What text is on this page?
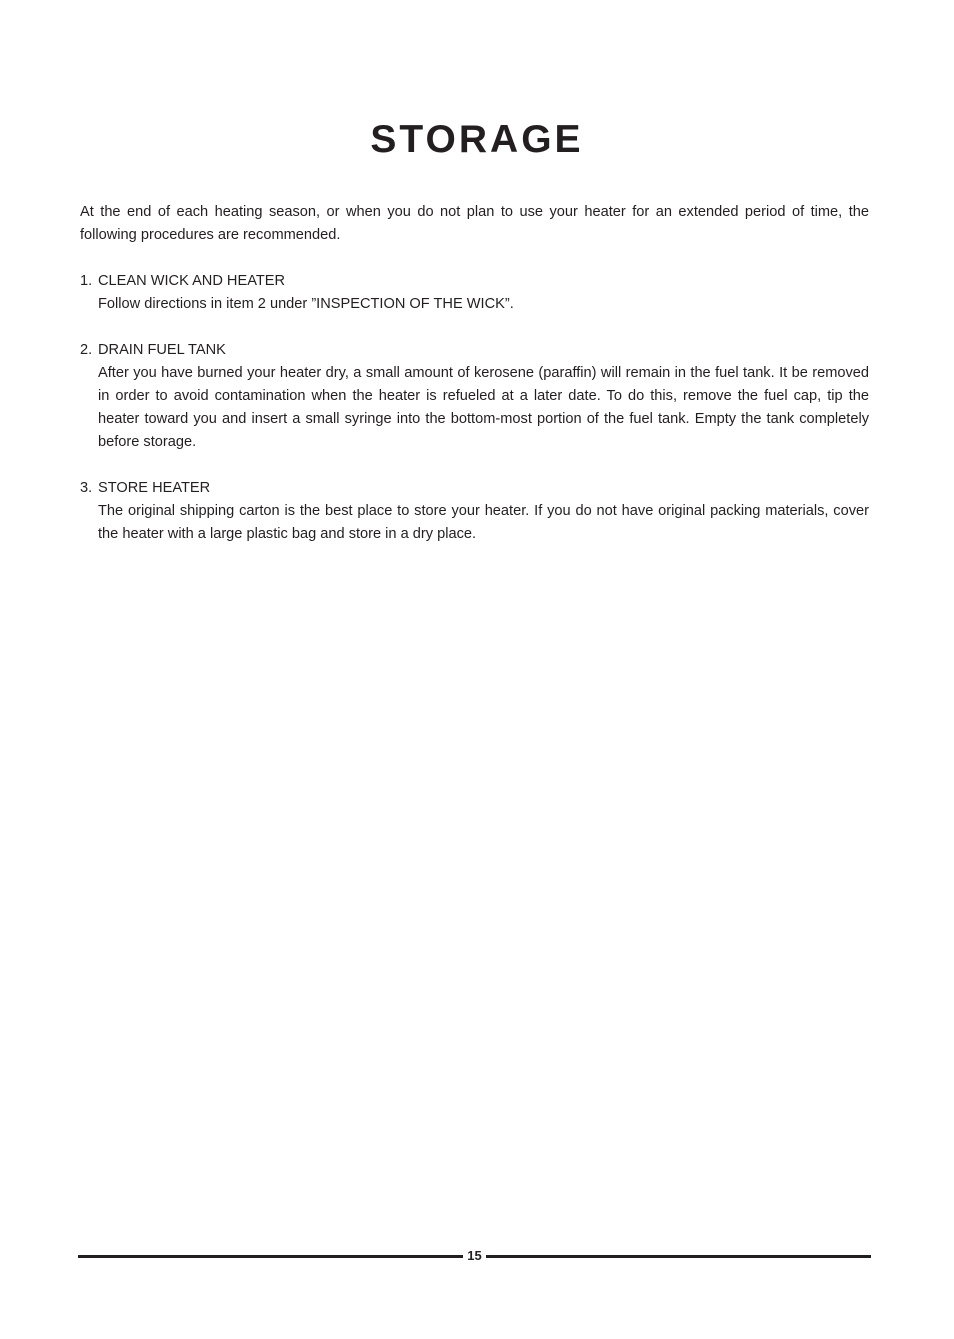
STORAGE

At the end of each heating season, or when you do not plan to use your heater for an extended period of time, the following procedures are recommended.

1. CLEAN WICK AND HEATER
Follow directions in item 2 under ”INSPECTION OF THE WICK”.
2. DRAIN FUEL TANK
After you have burned your heater dry, a small amount of kerosene (paraffin) will remain in the fuel tank. It be removed in order to avoid contamination when the heater is refueled at a later date. To do this, remove the fuel cap, tip the heater toward you and insert a small syringe into the bottom-most portion of the fuel tank. Empty the tank completely before storage.
3. STORE HEATER
The original shipping carton is the best place to store your heater. If you do not have original packing materials, cover the heater with a large plastic bag and store in a dry place.
15
